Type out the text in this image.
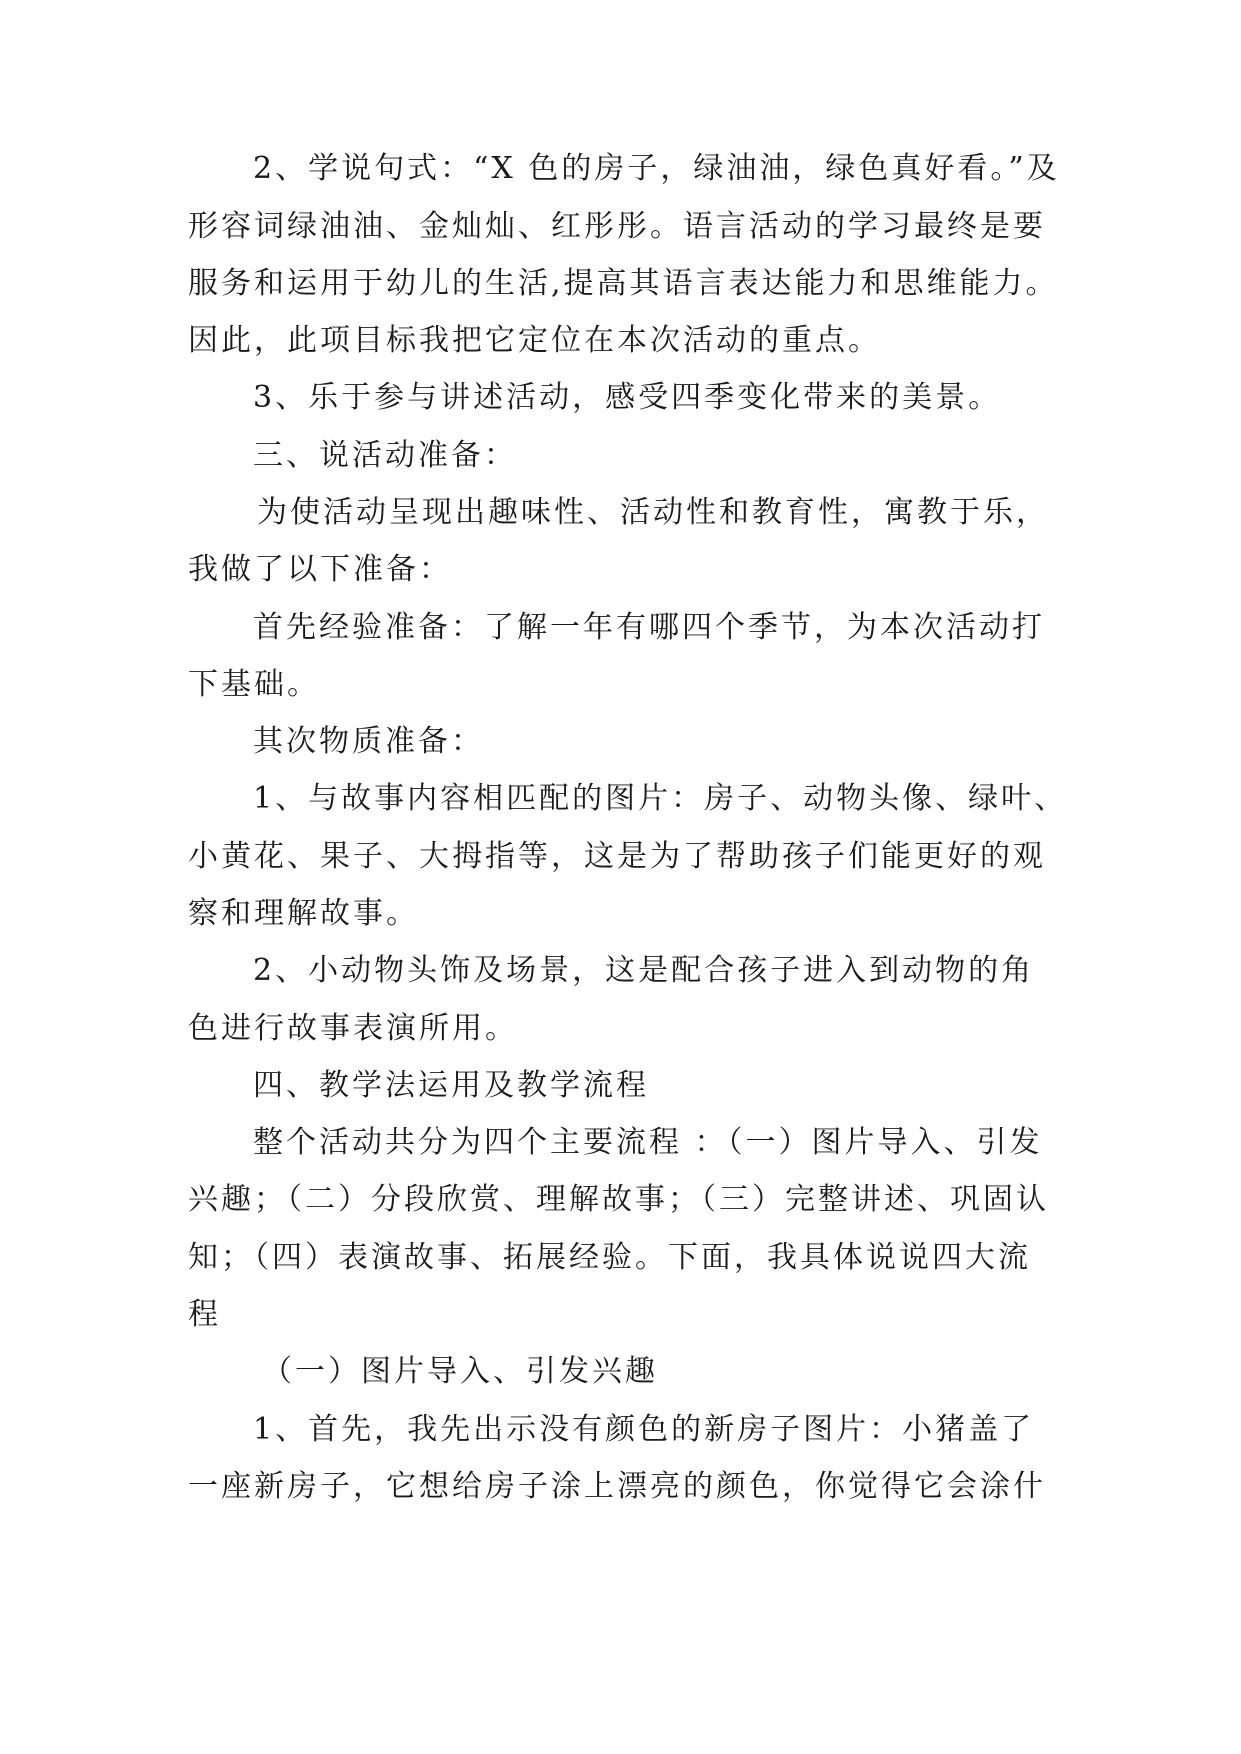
2、学说句式：“X 色的房子，绿油油，绿色真好看。”及
形容词绿油油、金灿灿、红彤彤。语言活动的学习最终是要
服务和运用于幼儿的生活,提高其语言表达能力和思维能力。
因此，此项目标我把它定位在本次活动的重点。
3、乐于参与讲述活动，感受四季变化带来的美景。
三、说活动准备：
为使活动呈现出趣味性、活动性和教育性，寓教于乐，
我做了以下准备：
首先经验准备：了解一年有哪四个季节，为本次活动打
下基础。
其次物质准备：
1、与故事内容相匹配的图片：房子、动物头像、绿叶、
小黄花、果子、大拇指等，这是为了帮助孩子们能更好的观
察和理解故事。
2、小动物头饰及场景，这是配合孩子进入到动物的角
色进行故事表演所用。
四、教学法运用及教学流程
整个活动共分为四个主要流程 ：（一）图片导入、引发
兴趣；（二）分段欣赏、理解故事；（三）完整讲述、巩固认
知；（四）表演故事、拓展经验。下面，我具体说说四大流
程
（一）图片导入、引发兴趣
1、首先，我先出示没有颜色的新房子图片：小猪盖了
一座新房子，它想给房子涂上漂亮的颜色，你觉得它会涂什
